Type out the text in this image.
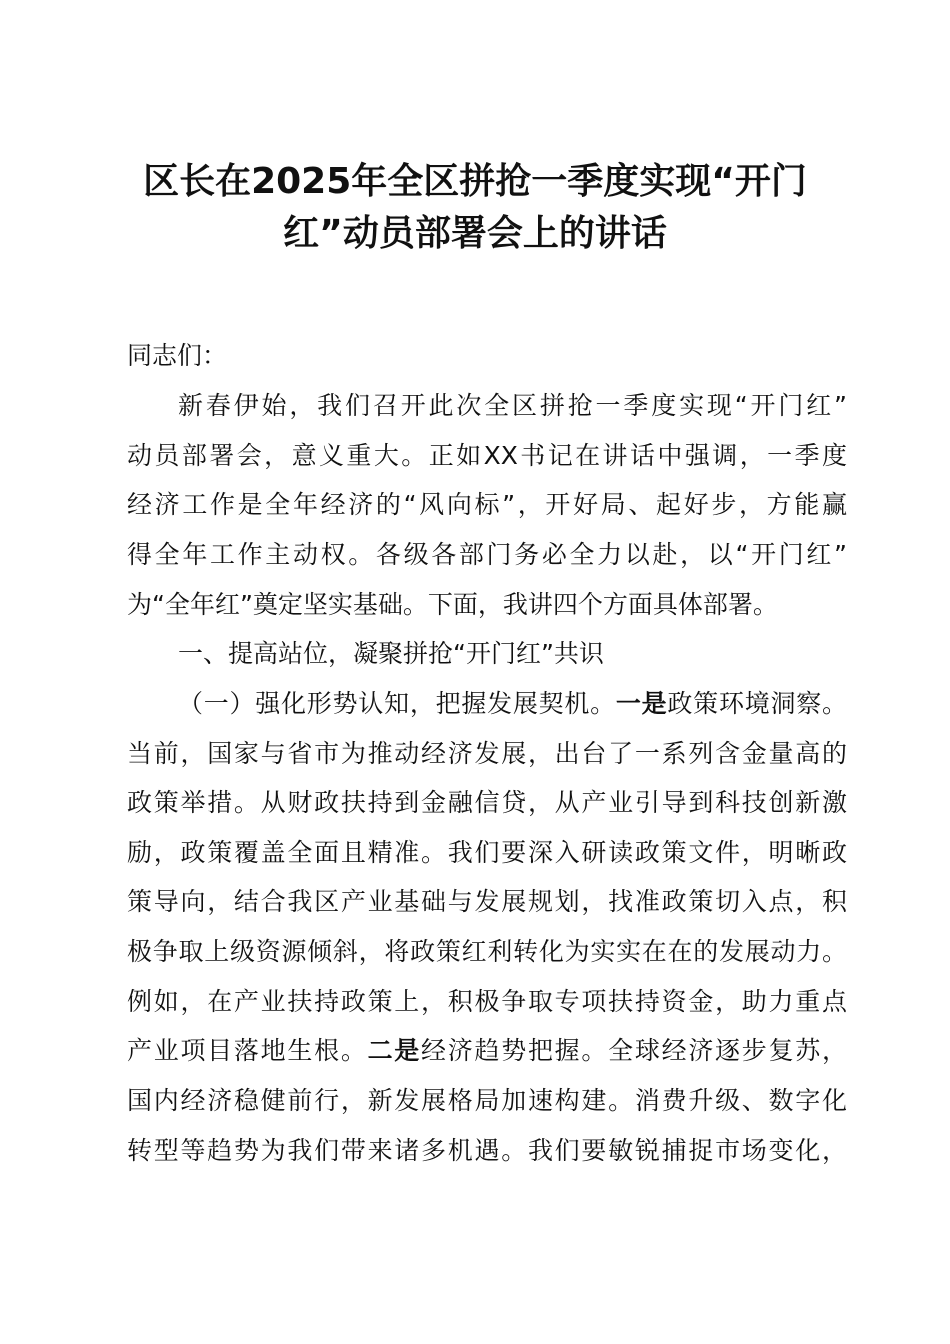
区长在2025年全区拼抢一季度实现“开门
红”动员部署会上的讲话
同志们：
新春伊始，我们召开此次全区拼抢一季度实现“开门红”
动员部署会，意义重大。正如XX书记在讲话中强调，一季度
经济工作是全年经济的“风向标”，开好局、起好步，方能赢
得全年工作主动权。各级各部门务必全力以赴，以“开门红”
为“全年红”奠定坚实基础。下面，我讲四个方面具体部署。
一、提高站位，凝聚拼抢“开门红”共识
（一）强化形势认知，把握发展契机。一是政策环境洞察。
当前，国家与省市为推动经济发展，出台了一系列含金量高的
政策举措。从财政扶持到金融信贷，从产业引导到科技创新激
励，政策覆盖全面且精准。我们要深入研读政策文件，明晰政
策导向，结合我区产业基础与发展规划，找准政策切入点，积
极争取上级资源倾斜，将政策红利转化为实实在在的发展动力。
例如，在产业扶持政策上，积极争取专项扶持资金，助力重点
产业项目落地生根。二是经济趋势把握。全球经济逐步复苏，
国内经济稳健前行，新发展格局加速构建。消费升级、数字化
转型等趋势为我们带来诸多机遇。我们要敏锐捕捉市场变化，
